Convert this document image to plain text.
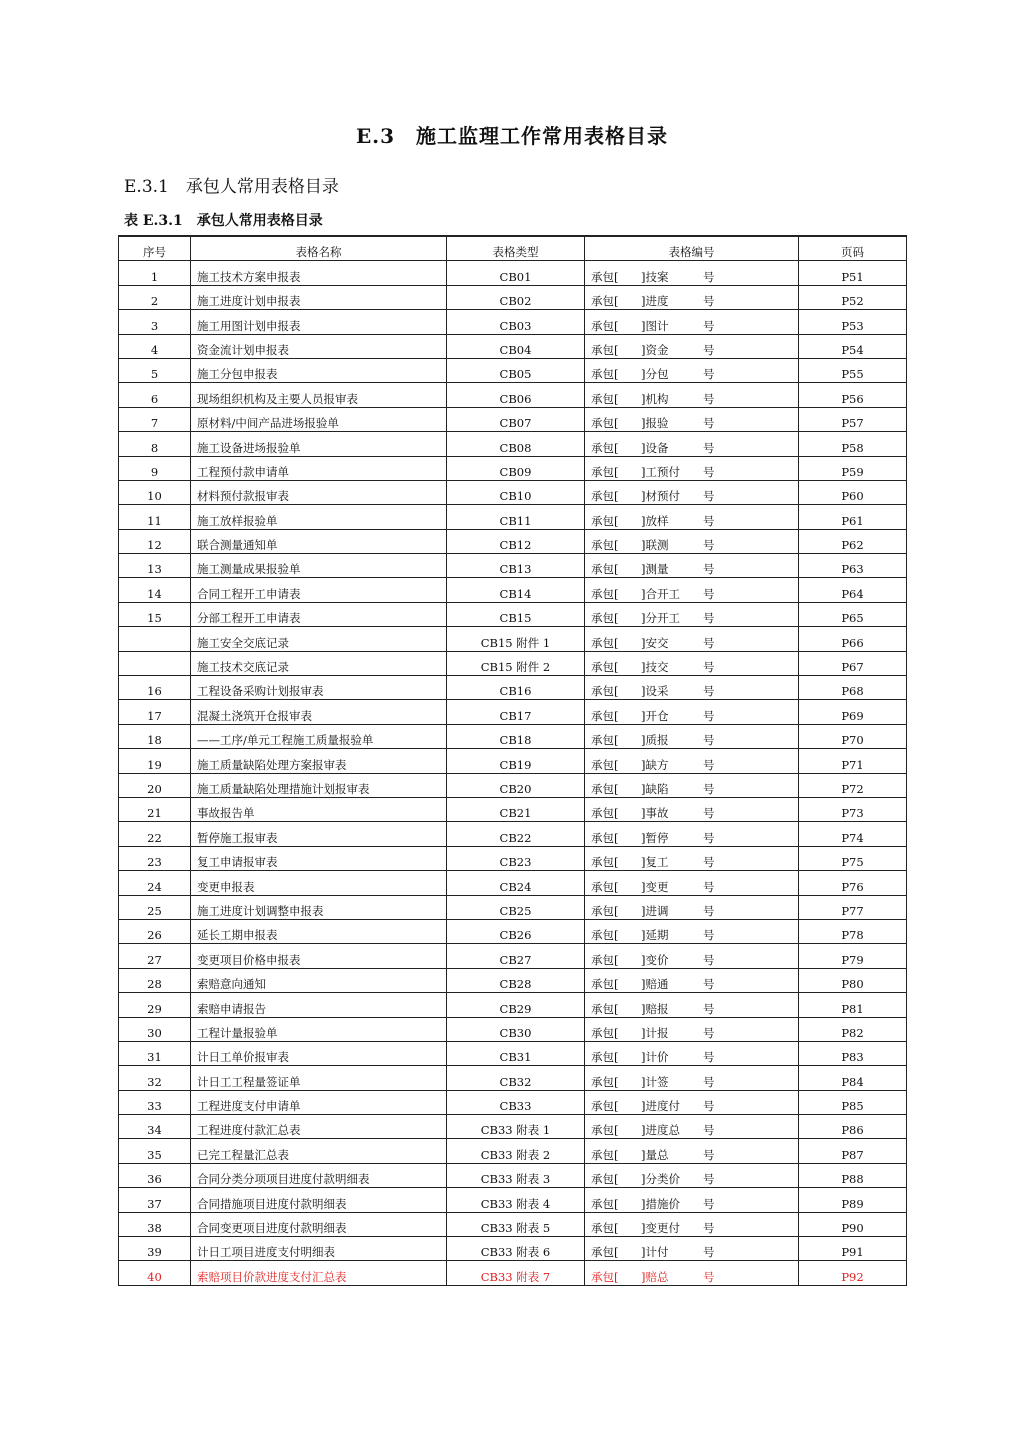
E.3　施工监理工作常用表格目录
E.3.1　承包人常用表格目录
表 E.3.1　承包人常用表格目录
序号	表格名称	表格类型	表格编号	页码
1	施工技术方案申报表	CB01	承包[ ]技案 号	P51
2	施工进度计划申报表	CB02	承包[ ]进度 号	P52
3	施工用图计划申报表	CB03	承包[ ]图计 号	P53
4	资金流计划申报表	CB04	承包[ ]资金 号	P54
5	施工分包申报表	CB05	承包[ ]分包 号	P55
6	现场组织机构及主要人员报审表	CB06	承包[ ]机构 号	P56
7	原材料/中间产品进场报验单	CB07	承包[ ]报验 号	P57
8	施工设备进场报验单	CB08	承包[ ]设备 号	P58
9	工程预付款申请单	CB09	承包[ ]工预付 号	P59
10	材料预付款报审表	CB10	承包[ ]材预付 号	P60
11	施工放样报验单	CB11	承包[ ]放样 号	P61
12	联合测量通知单	CB12	承包[ ]联测 号	P62
13	施工测量成果报验单	CB13	承包[ ]测量 号	P63
14	合同工程开工申请表	CB14	承包[ ]合开工 号	P64
15	分部工程开工申请表	CB15	承包[ ]分开工 号	P65
	施工安全交底记录	CB15 附件 1	承包[ ]安交 号	P66
	施工技术交底记录	CB15 附件 2	承包[ ]技交 号	P67
16	工程设备采购计划报审表	CB16	承包[ ]设采 号	P68
17	混凝土浇筑开仓报审表	CB17	承包[ ]开仓 号	P69
18	——工序/单元工程施工质量报验单	CB18	承包[ ]质报 号	P70
19	施工质量缺陷处理方案报审表	CB19	承包[ ]缺方 号	P71
20	施工质量缺陷处理措施计划报审表	CB20	承包[ ]缺陷 号	P72
21	事故报告单	CB21	承包[ ]事故 号	P73
22	暂停施工报审表	CB22	承包[ ]暂停 号	P74
23	复工申请报审表	CB23	承包[ ]复工 号	P75
24	变更申报表	CB24	承包[ ]变更 号	P76
25	施工进度计划调整申报表	CB25	承包[ ]进调 号	P77
26	延长工期申报表	CB26	承包[ ]延期 号	P78
27	变更项目价格申报表	CB27	承包[ ]变价 号	P79
28	索赔意向通知	CB28	承包[ ]赔通 号	P80
29	索赔申请报告	CB29	承包[ ]赔报 号	P81
30	工程计量报验单	CB30	承包[ ]计报 号	P82
31	计日工单价报审表	CB31	承包[ ]计价 号	P83
32	计日工工程量签证单	CB32	承包[ ]计签 号	P84
33	工程进度支付申请单	CB33	承包[ ]进度付 号	P85
34	工程进度付款汇总表	CB33 附表 1	承包[ ]进度总 号	P86
35	已完工程量汇总表	CB33 附表 2	承包[ ]量总 号	P87
36	合同分类分项项目进度付款明细表	CB33 附表 3	承包[ ]分类价 号	P88
37	合同措施项目进度付款明细表	CB33 附表 4	承包[ ]措施价 号	P89
38	合同变更项目进度付款明细表	CB33 附表 5	承包[ ]变更付 号	P90
39	计日工项目进度支付明细表	CB33 附表 6	承包[ ]计付 号	P91
40	索赔项目价款进度支付汇总表	CB33 附表 7	承包[ ]赔总 号	P92
